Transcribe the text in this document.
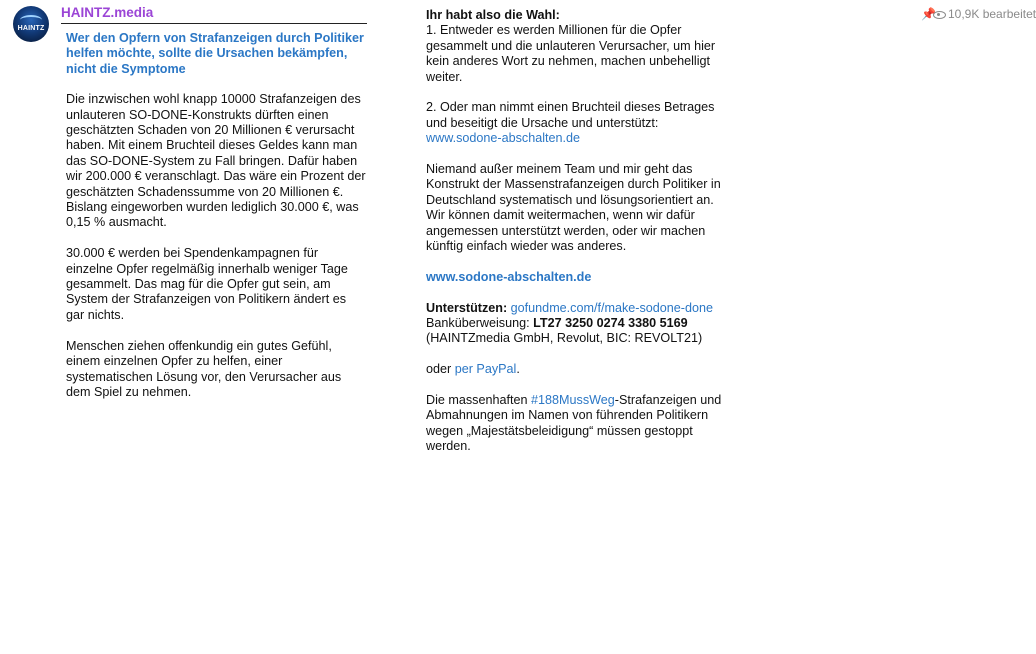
HAINTZ
HAINTZ.media	📌 10,9K bearbeitet
Wer den Opfern von Strafanzeigen durch Politiker helfen möchte, sollte die Ursachen bekämpfen, nicht die Symptome

Die inzwischen wohl knapp 10000 Strafanzeigen des unlauteren SO-DONE-Konstrukts dürften einen geschätzten Schaden von 20 Millionen € verursacht haben. Mit einem Bruchteil dieses Geldes kann man das SO-DONE-System zu Fall bringen. Dafür haben wir 200.000 € veranschlagt. Das wäre ein Prozent der geschätzten Schadenssumme von 20 Millionen €. Bislang eingeworben wurden lediglich 30.000 €, was 0,15 % ausmacht.

30.000 € werden bei Spendenkampagnen für einzelne Opfer regelmäßig innerhalb weniger Tage gesammelt. Das mag für die Opfer gut sein, am System der Strafanzeigen von Politikern ändert es gar nichts.

Menschen ziehen offenkundig ein gutes Gefühl, einem einzelnen Opfer zu helfen, einer systematischen Lösung vor, den Verursacher aus dem Spiel zu nehmen.

Ihr habt also die Wahl:
1. Entweder es werden Millionen für die Opfer gesammelt und die unlauteren Verursacher, um hier kein anderes Wort zu nehmen, machen unbehelligt weiter.

2. Oder man nimmt einen Bruchteil dieses Betrages und beseitigt die Ursache und unterstützt:
www.sodone-abschalten.de

Niemand außer meinem Team und mir geht das Konstrukt der Massenstrafanzeigen durch Politiker in Deutschland systematisch und lösungsorientiert an. Wir können damit weitermachen, wenn wir dafür angemessen unterstützt werden, oder wir machen künftig einfach wieder was anderes.

www.sodone-abschalten.de

Unterstützen: gofundme.com/f/make-sodone-done
Banküberweisung: LT27 3250 0274 3380 5169
(HAINTZmedia GmbH, Revolut, BIC: REVOLT21)

oder per PayPal.

Die massenhaften #188MussWeg-Strafanzeigen und Abmahnungen im Namen von führenden Politikern wegen „Majestätsbeleidigung“ müssen gestoppt werden.
